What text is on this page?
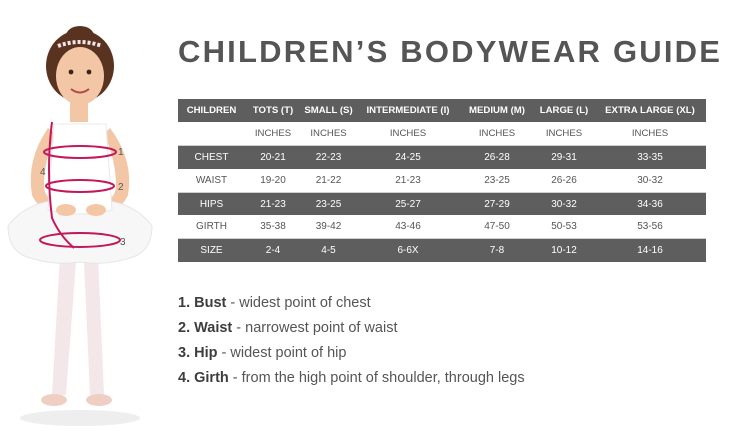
1
2
3
4
CHILDREN’S BODYWEAR GUIDE
CHILDREN	TOTS (T)	SMALL (S)	INTERMEDIATE (I)	MEDIUM (M)	LARGE (L)	EXTRA LARGE (XL)
	INCHES	INCHES	INCHES	INCHES	INCHES	INCHES
CHEST	20-21	22-23	24-25	26-28	29-31	33-35
WAIST	19-20	21-22	21-23	23-25	26-26	30-32
HIPS	21-23	23-25	25-27	27-29	30-32	34-36
GIRTH	35-38	39-42	43-46	47-50	50-53	53-56
SIZE	2-4	4-5	6-6X	7-8	10-12	14-16
1. Bust - widest point of chest
2. Waist - narrowest point of waist
3. Hip - widest point of hip
4. Girth - from the high point of shoulder, through legs
